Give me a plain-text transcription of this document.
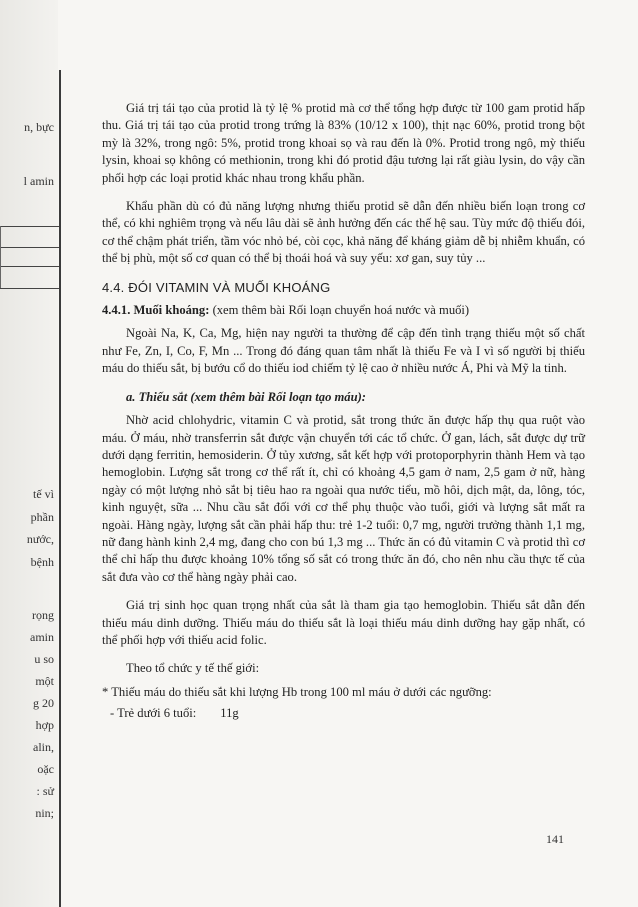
n, bực
l amin
tế vì
phần
nước,
bệnh
rọng
amin
u so
một
g 20
hợp
alin,
oặc
: sử
nin;

Giá trị tái tạo của protid là tỷ lệ % protid mà cơ thể tổng hợp được từ 100 gam protid hấp thu. Giá trị tái tạo của protid trong trứng là 83% (10/12 x 100), thịt nạc 60%, protid trong bột mỳ là 32%, trong ngô: 5%, protid trong khoai sọ và rau đến là 0%. Protid trong ngô, mỳ thiếu lysin, khoai sọ không có methionin, trong khi đó protid đậu tương lại rất giàu lysin, do vậy cần phối hợp các loại protid khác nhau trong khẩu phần.

Khẩu phần dù có đủ năng lượng nhưng thiếu protid sẽ dẫn đến nhiều biến loạn trong cơ thể, có khi nghiêm trọng và nếu lâu dài sẽ ảnh hưởng đến các thế hệ sau. Tùy mức độ thiếu đói, cơ thể chậm phát triển, tầm vóc nhỏ bé, còi cọc, khả năng để kháng giảm dễ bị nhiễm khuẩn, có thể bị phù, một số cơ quan có thể bị thoái hoá và suy yếu: xơ gan, suy tủy ...

4.4. ĐÓI VITAMIN VÀ MUỐI KHOÁNG
4.4.1. Muối khoáng: (xem thêm bài Rối loạn chuyển hoá nước và muối)

Ngoài Na, K, Ca, Mg, hiện nay người ta thường để cập đến tình trạng thiếu một số chất như Fe, Zn, I, Co, F, Mn ... Trong đó đáng quan tâm nhất là thiếu Fe và I vì số người bị thiếu máu do thiếu sắt, bị bướu cổ do thiếu iod chiếm tỷ lệ cao ở nhiều nước Á, Phi và Mỹ la tinh.

a. Thiếu sắt (xem thêm bài Rối loạn tạo máu):

Nhờ acid chlohydric, vitamin C và protid, sắt trong thức ăn được hấp thụ qua ruột vào máu. Ở máu, nhờ transferrin sắt được vận chuyển tới các tổ chức. Ở gan, lách, sắt được dự trữ dưới dạng ferritin, hemosiderin. Ở tủy xương, sắt kết hợp với protoporphyrin thành Hem và tạo hemoglobin. Lượng sắt trong cơ thể rất ít, chỉ có khoảng 4,5 gam ở nam, 2,5 gam ở nữ, hàng ngày có một lượng nhỏ sắt bị tiêu hao ra ngoài qua nước tiểu, mồ hôi, dịch mật, da, lông, tóc, kinh nguyệt, sữa ... Nhu cầu sắt đối với cơ thể phụ thuộc vào tuổi, giới và lượng sắt mất ra ngoài. Hàng ngày, lượng sắt cần phải hấp thu: trẻ 1-2 tuổi: 0,7 mg, người trưởng thành 1,1 mg, nữ đang hành kinh 2,4 mg, đang cho con bú 1,3 mg ... Thức ăn có đủ vitamin C và protid thì cơ thể chỉ hấp thu được khoảng 10% tổng số sắt có trong thức ăn đó, cho nên nhu cầu thực tế của sắt đưa vào cơ thể hàng ngày phải cao.

Giá trị sinh học quan trọng nhất của sắt là tham gia tạo hemoglobin. Thiếu sắt dẫn đến thiếu máu dinh dưỡng. Thiếu máu do thiếu sắt là loại thiếu máu dinh dưỡng hay gặp nhất, có thể phối hợp với thiếu acid folic.

Theo tổ chức y tế thế giới:

* Thiếu máu do thiếu sắt khi lượng Hb trong 100 ml máu ở dưới các ngưỡng:
- Trẻ dưới 6 tuổi: 11g
141
